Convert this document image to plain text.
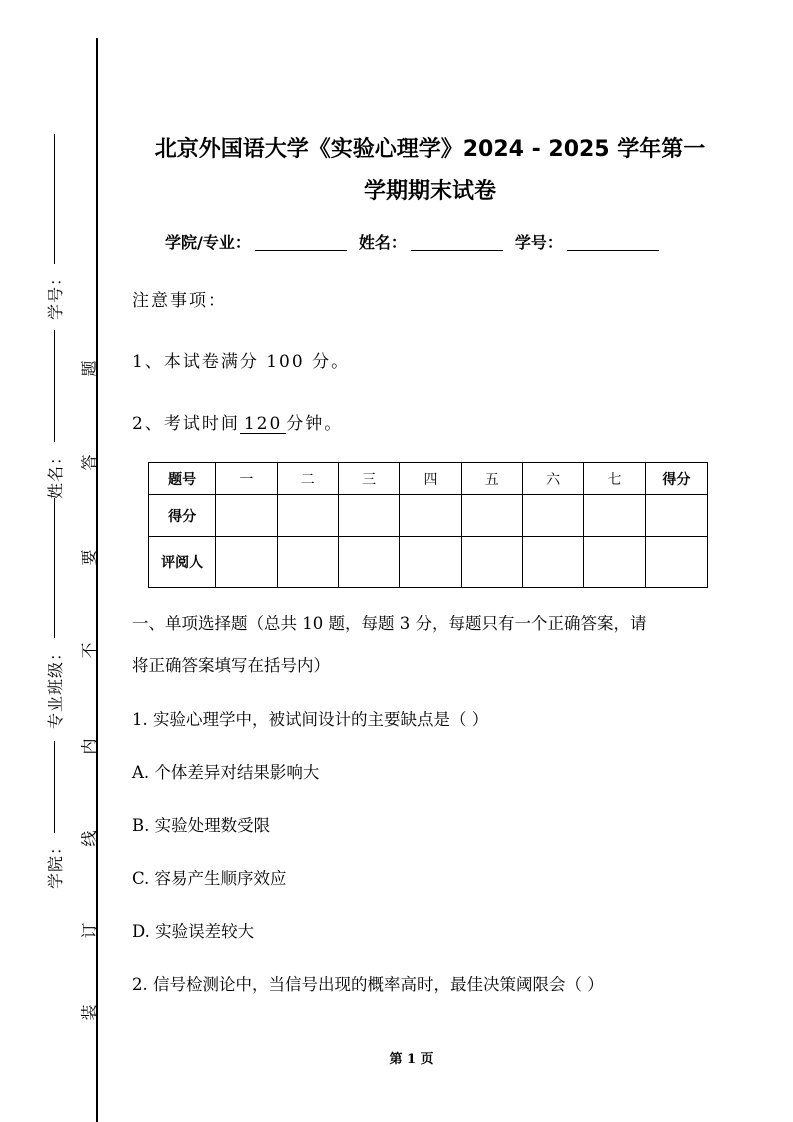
学号：
姓名：
专业班级：
学院：
题
答
要
不
内
线
订
装
北京外国语大学《实验心理学》2024 - 2025 学年第一
学期期末试卷
学院/专业：	姓名：	学号：
注意事项：
1、本试卷满分 100 分。
2、考试时间120分钟。
题号	一	二	三	四	五	六	七	得分
得分								
评阅人								
一、单项选择题（总共 10 题，每题 3 分，每题只有一个正确答案，请
将正确答案填写在括号内）
1. 实验心理学中，被试间设计的主要缺点是（ ）
A. 个体差异对结果影响大
B. 实验处理数受限
C. 容易产生顺序效应
D. 实验误差较大
2. 信号检测论中，当信号出现的概率高时，最佳决策阈限会（ ）
第 1 页
